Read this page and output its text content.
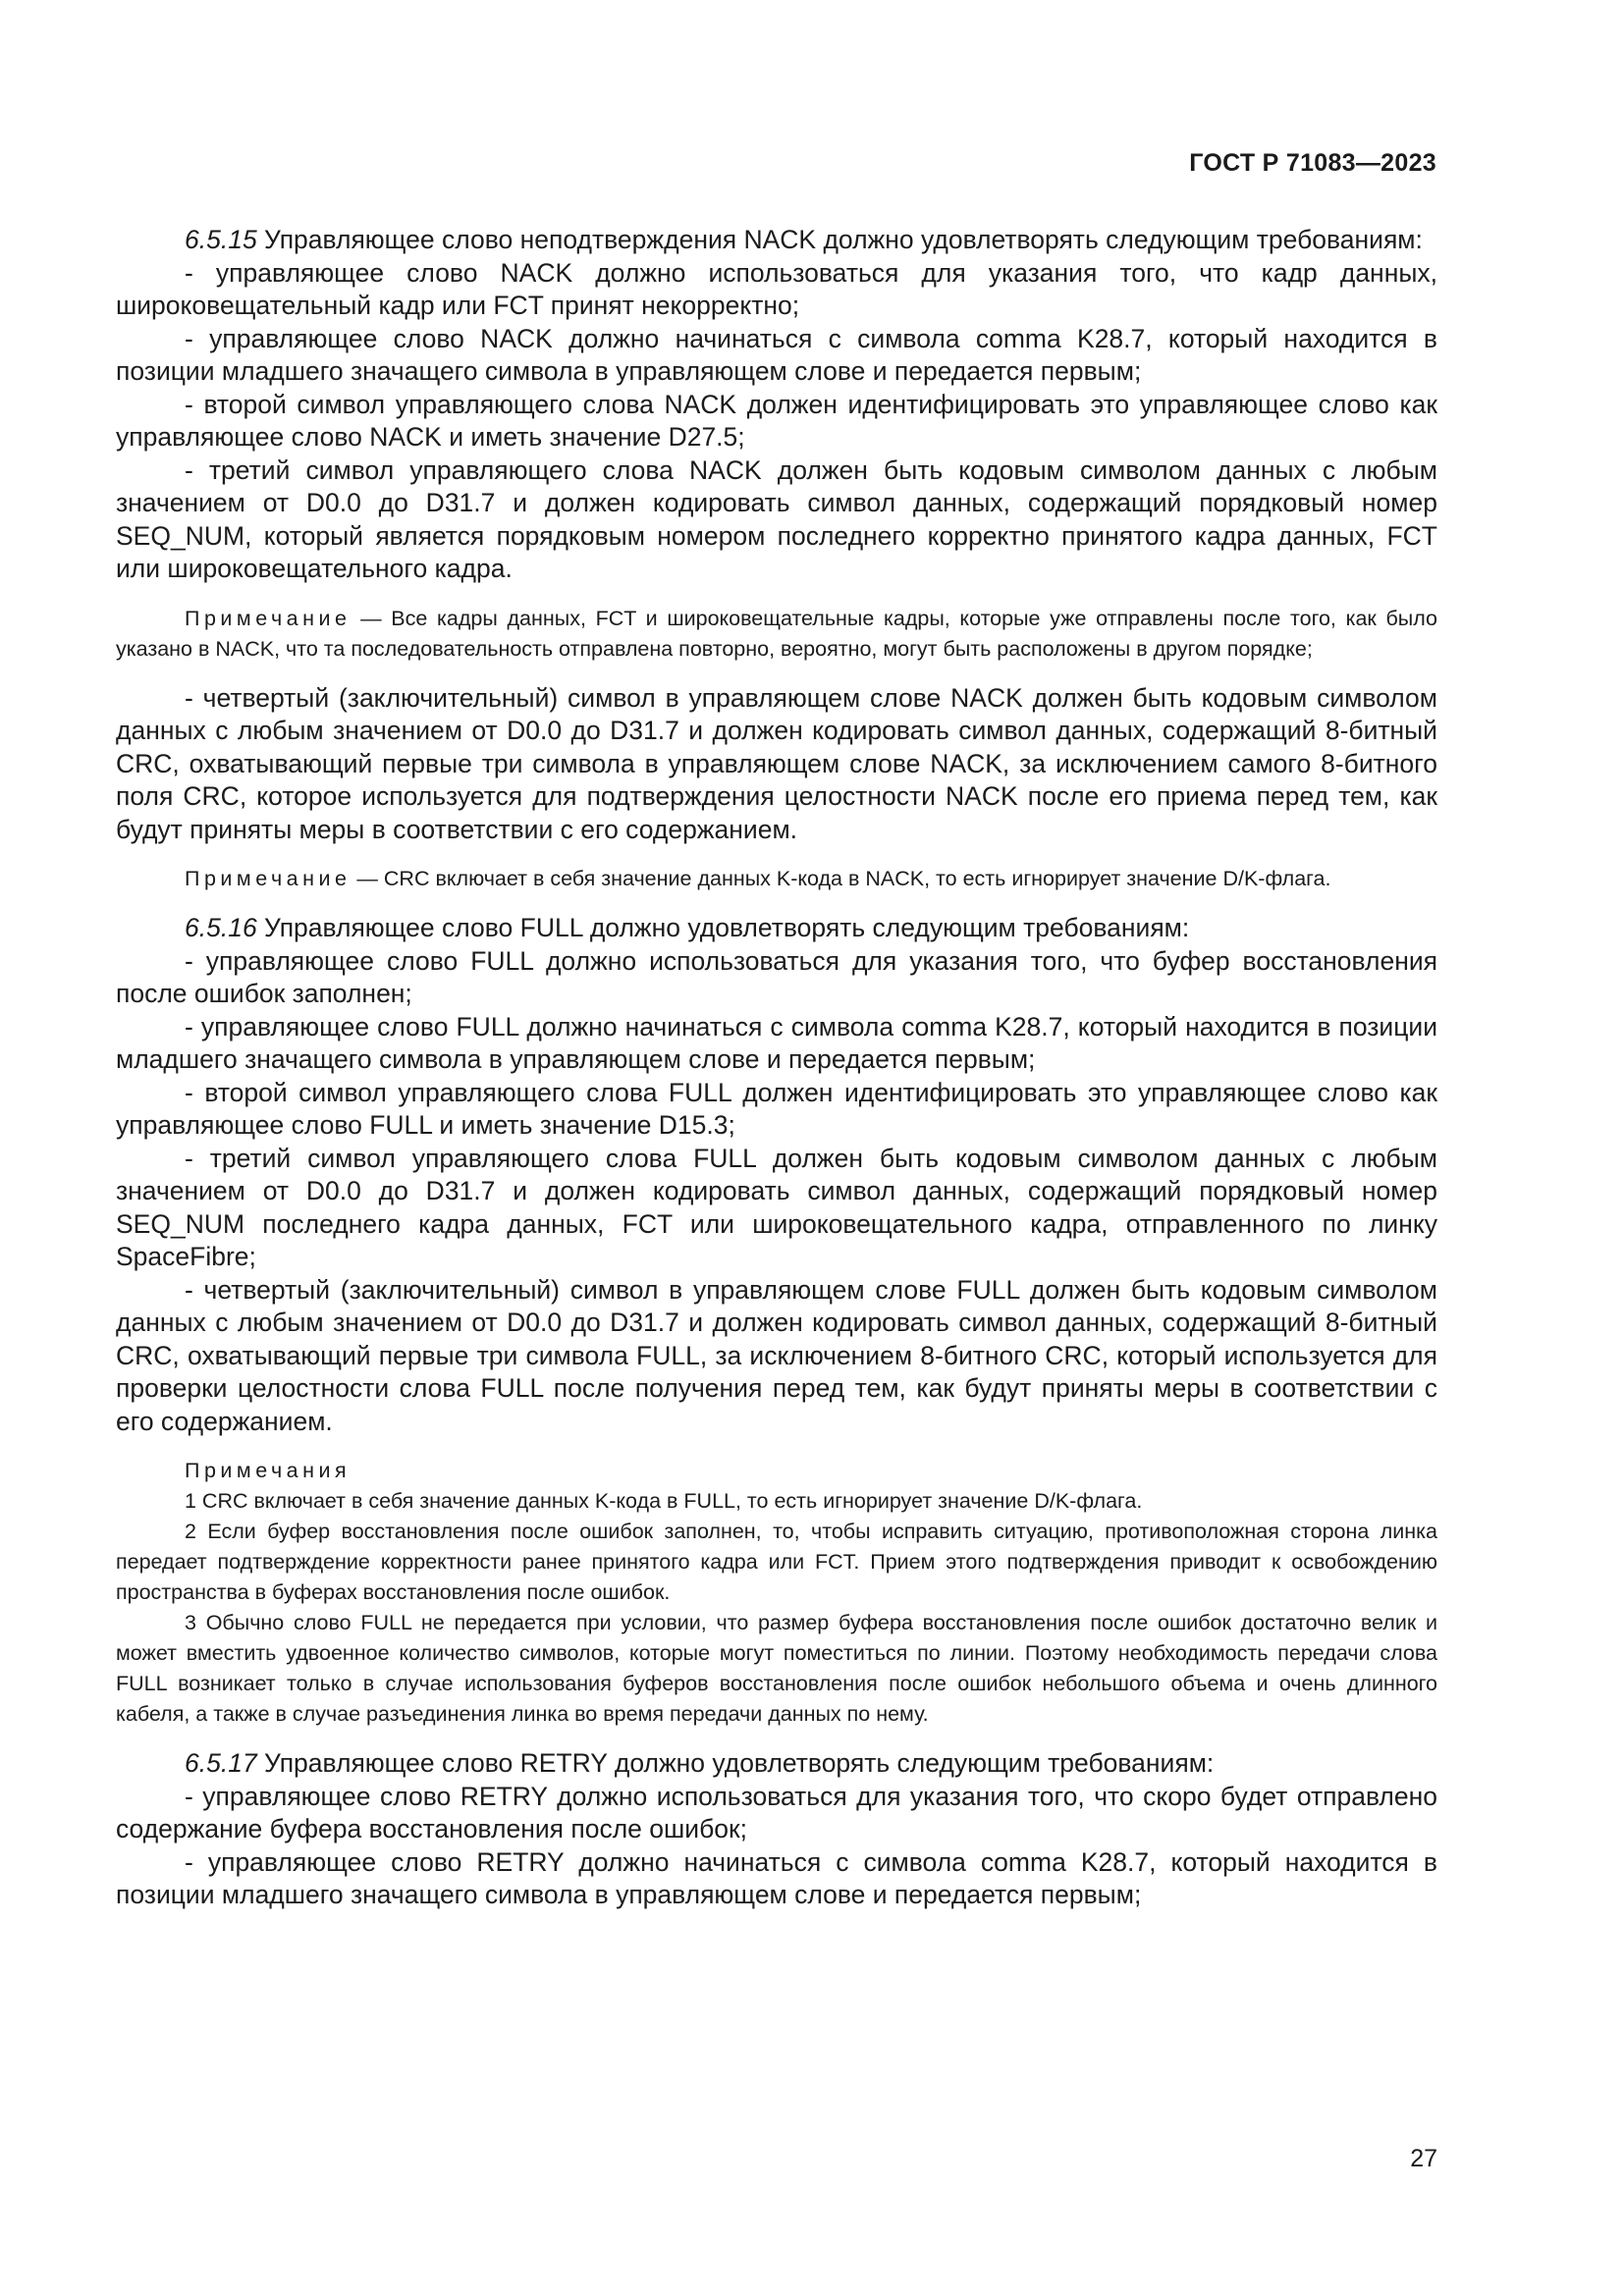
ГОСТ Р 71083—2023

6.5.15 Управляющее слово неподтверждения NACK должно удовлетворять следующим требованиям:

- управляющее слово NACK должно использоваться для указания того, что кадр данных, широковещательный кадр или FCT принят некорректно;

- управляющее слово NACK должно начинаться с символа comma K28.7, который находится в позиции младшего значащего символа в управляющем слове и передается первым;

- второй символ управляющего слова NACK должен идентифицировать это управляющее слово как управляющее слово NACK и иметь значение D27.5;

- третий символ управляющего слова NACK должен быть кодовым символом данных с любым значением от D0.0 до D31.7 и должен кодировать символ данных, содержащий порядковый номер SEQ_NUM, который является порядковым номером последнего корректно принятого кадра данных, FCT или широковещательного кадра.

Примечание — Все кадры данных, FCT и широковещательные кадры, которые уже отправлены после того, как было указано в NACK, что та последовательность отправлена повторно, вероятно, могут быть расположены в другом порядке;

- четвертый (заключительный) символ в управляющем слове NACK должен быть кодовым символом данных с любым значением от D0.0 до D31.7 и должен кодировать символ данных, содержащий 8-битный CRC, охватывающий первые три символа в управляющем слове NACK, за исключением самого 8-битного поля CRC, которое используется для подтверждения целостности NACK после его приема перед тем, как будут приняты меры в соответствии с его содержанием.

Примечание — CRC включает в себя значение данных K-кода в NACK, то есть игнорирует значение D/K-флага.

6.5.16 Управляющее слово FULL должно удовлетворять следующим требованиям:

- управляющее слово FULL должно использоваться для указания того, что буфер восстановления после ошибок заполнен;

- управляющее слово FULL должно начинаться с символа comma K28.7, который находится в позиции младшего значащего символа в управляющем слове и передается первым;

- второй символ управляющего слова FULL должен идентифицировать это управляющее слово как управляющее слово FULL и иметь значение D15.3;

- третий символ управляющего слова FULL должен быть кодовым символом данных с любым значением от D0.0 до D31.7 и должен кодировать символ данных, содержащий порядковый номер SEQ_NUM последнего кадра данных, FCT или широковещательного кадра, отправленного по линку SpaceFibre;

- четвертый (заключительный) символ в управляющем слове FULL должен быть кодовым символом данных с любым значением от D0.0 до D31.7 и должен кодировать символ данных, содержащий 8-битный CRC, охватывающий первые три символа FULL, за исключением 8-битного CRC, который используется для проверки целостности слова FULL после получения перед тем, как будут приняты меры в соответствии с его содержанием.

Примечания

1 CRC включает в себя значение данных K-кода в FULL, то есть игнорирует значение D/K-флага.

2 Если буфер восстановления после ошибок заполнен, то, чтобы исправить ситуацию, противоположная сторона линка передает подтверждение корректности ранее принятого кадра или FCT. Прием этого подтверждения приводит к освобождению пространства в буферах восстановления после ошибок.

3 Обычно слово FULL не передается при условии, что размер буфера восстановления после ошибок достаточно велик и может вместить удвоенное количество символов, которые могут поместиться по линии. Поэтому необходимость передачи слова FULL возникает только в случае использования буферов восстановления после ошибок небольшого объема и очень длинного кабеля, а также в случае разъединения линка во время передачи данных по нему.

6.5.17 Управляющее слово RETRY должно удовлетворять следующим требованиям:

- управляющее слово RETRY должно использоваться для указания того, что скоро будет отправлено содержание буфера восстановления после ошибок;

- управляющее слово RETRY должно начинаться с символа comma K28.7, который находится в позиции младшего значащего символа в управляющем слове и передается первым;

27
